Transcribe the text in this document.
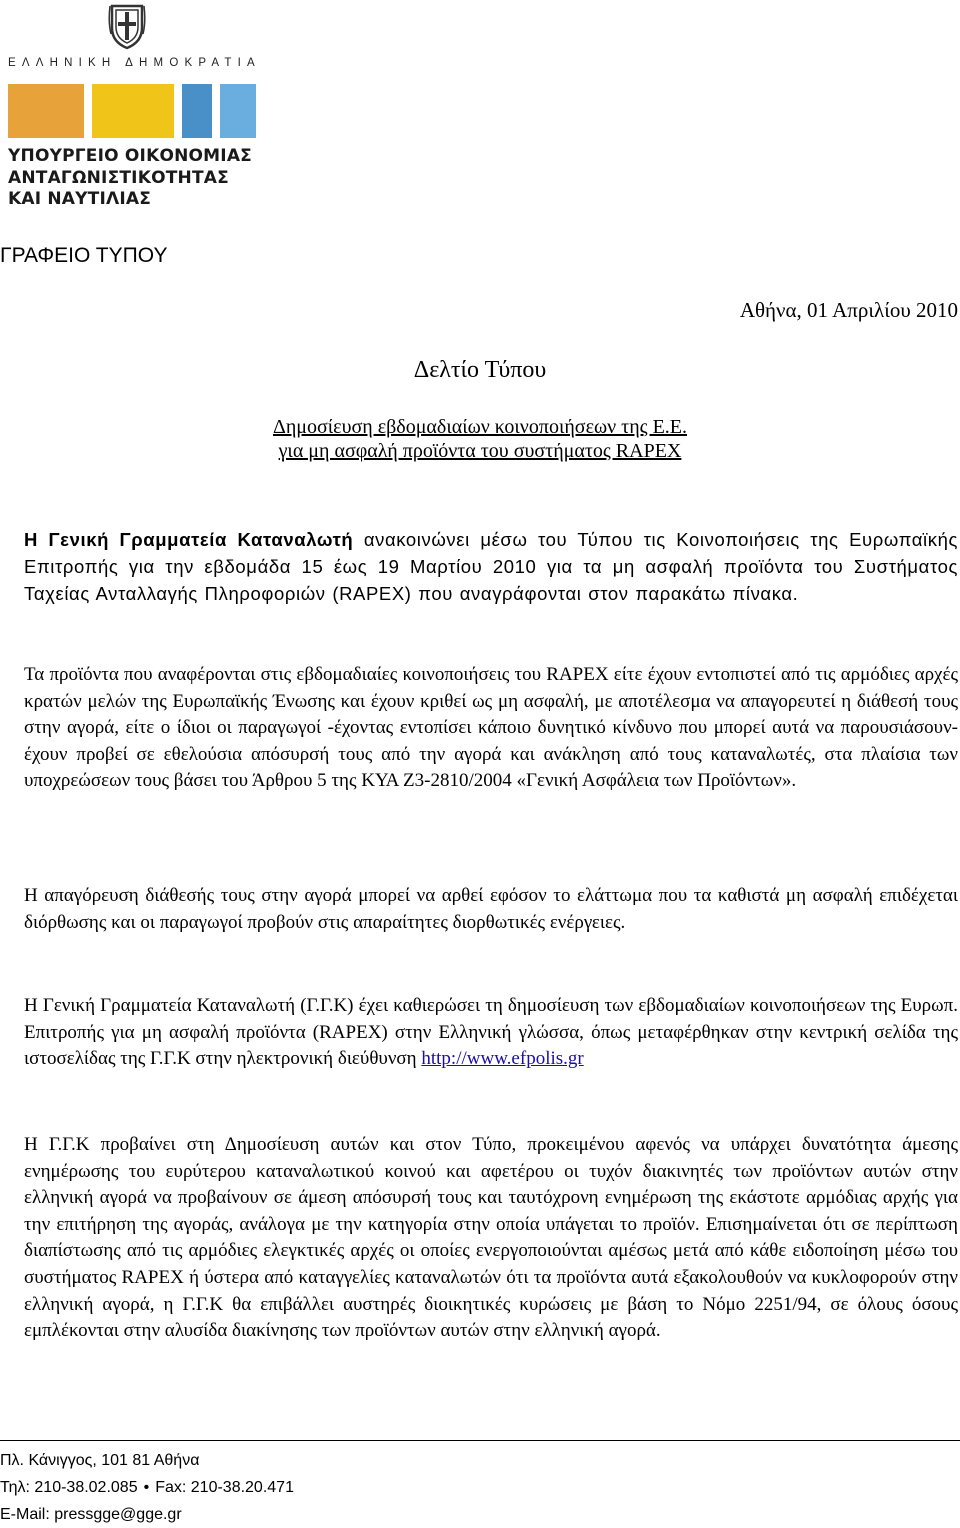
ΕΛΛΗΝΙΚΗ ΔΗΜΟΚΡΑΤΙΑ
ΥΠΟΥΡΓΕΙΟ ΟΙΚΟΝΟΜΙΑΣ
ΑΝΤΑΓΩΝΙΣΤΙΚΟΤΗΤΑΣ
ΚΑΙ ΝΑΥΤΙΛΙΑΣ
ΓΡΑΦΕΙΟ ΤΥΠΟΥ
Αθήνα, 01 Απριλίου 2010
Δελτίο Τύπου
Δημοσίευση εβδομαδιαίων κοινοποιήσεων της Ε.Ε.
για μη ασφαλή προϊόντα του συστήματος RAPEX
Η Γενική Γραμματεία Καταναλωτή ανακοινώνει μέσω του Τύπου τις Κοινοποιήσεις της Ευρωπαϊκής Επιτροπής για την εβδομάδα 15 έως 19 Μαρτίου 2010 για τα μη ασφαλή προϊόντα του Συστήματος Ταχείας Ανταλλαγής Πληροφοριών (RAPEX) που αναγράφονται στον παρακάτω πίνακα.
Τα προϊόντα που αναφέρονται στις εβδομαδιαίες κοινοποιήσεις του RAPEX είτε έχουν εντοπιστεί από τις αρμόδιες αρχές κρατών μελών της Ευρωπαϊκής Ένωσης και έχουν κριθεί ως μη ασφαλή, με αποτέλεσμα να απαγορευτεί η διάθεσή τους στην αγορά, είτε ο ίδιοι οι παραγωγοί -έχοντας εντοπίσει κάποιο δυνητικό κίνδυνο που μπορεί αυτά να παρουσιάσουν- έχουν προβεί σε εθελούσια απόσυρσή τους από την αγορά και ανάκληση από τους καταναλωτές, στα πλαίσια των υποχρεώσεων τους βάσει του Άρθρου 5 της ΚΥΑ Ζ3-2810/2004 «Γενική Ασφάλεια των Προϊόντων».
Η απαγόρευση διάθεσής τους στην αγορά μπορεί να αρθεί εφόσον το ελάττωμα που τα καθιστά μη ασφαλή επιδέχεται διόρθωσης και οι παραγωγοί προβούν στις απαραίτητες διορθωτικές ενέργειες.
Η Γενική Γραμματεία Καταναλωτή (Γ.Γ.Κ) έχει καθιερώσει τη δημοσίευση των εβδομαδιαίων κοινοποιήσεων της Ευρωπ. Επιτροπής για μη ασφαλή προϊόντα (RAPEX) στην Ελληνική γλώσσα, όπως μεταφέρθηκαν στην κεντρική σελίδα της ιστοσελίδας της Γ.Γ.Κ στην ηλεκτρονική διεύθυνση http://www.efpolis.gr
Η Γ.Γ.Κ προβαίνει στη Δημοσίευση αυτών και στον Τύπο, προκειμένου αφενός να υπάρχει δυνατότητα άμεσης ενημέρωσης του ευρύτερου καταναλωτικού κοινού και αφετέρου οι τυχόν διακινητές των προϊόντων αυτών στην ελληνική αγορά να προβαίνουν σε άμεση απόσυρσή τους και ταυτόχρονη ενημέρωση της εκάστοτε αρμόδιας αρχής για την επιτήρηση της αγοράς, ανάλογα με την κατηγορία στην οποία υπάγεται το προϊόν. Επισημαίνεται ότι σε περίπτωση διαπίστωσης από τις αρμόδιες ελεγκτικές αρχές οι οποίες ενεργοποιούνται αμέσως μετά από κάθε ειδοποίηση μέσω του συστήματος RAPEX ή ύστερα από καταγγελίες καταναλωτών ότι τα προϊόντα αυτά εξακολουθούν να κυκλοφορούν στην ελληνική αγορά, η Γ.Γ.Κ θα επιβάλλει αυστηρές διοικητικές κυρώσεις με βάση το Νόμο 2251/94, σε όλους όσους εμπλέκονται στην αλυσίδα διακίνησης των προϊόντων αυτών στην ελληνική αγορά.
Πλ. Κάνιγγος, 101 81 Αθήνα
Τηλ: 210-38.02.085 • Fax: 210-38.20.471
E-Mail: pressgge@gge.gr
